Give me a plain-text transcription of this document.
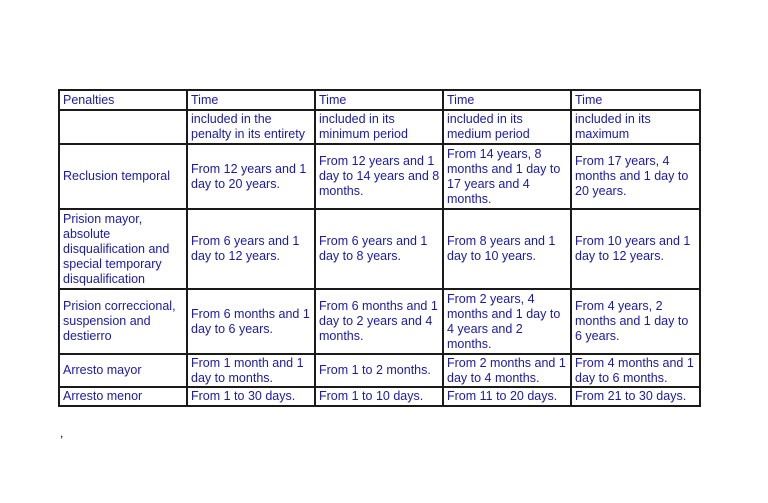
Penalties	Time	Time	Time	Time
	included in the penalty in its entirety	included in its minimum period	included in its medium period	included in its maximum
Reclusion temporal	From 12 years and 1 day to 20 years.	From 12 years and 1 day to 14 years and 8 months.	From 14 years, 8 months and 1 day to 17 years and 4 months.	From 17 years, 4 months and 1 day to 20 years.
Prision mayor, absolute disqualification and special temporary disqualification	From 6 years and 1 day to 12 years.	From 6 years and 1 day to 8 years.	From 8 years and 1 day to 10 years.	From 10 years and 1 day to 12 years.
Prision correccional, suspension and destierro	From 6 months and 1 day to 6 years.	From 6 months and 1 day to 2 years and 4 months.	From 2 years, 4 months and 1 day to 4 years and 2 months.	From 4 years, 2 months and 1 day to 6 years.
Arresto mayor	From 1 month and 1 day to months.	From 1 to 2 months.	From 2 months and 1 day to 4 months.	From 4 months and 1 day to 6 months.
Arresto menor	From 1 to 30 days.	From 1 to 10 days.	From 11 to 20 days.	From 21 to 30 days.
,
